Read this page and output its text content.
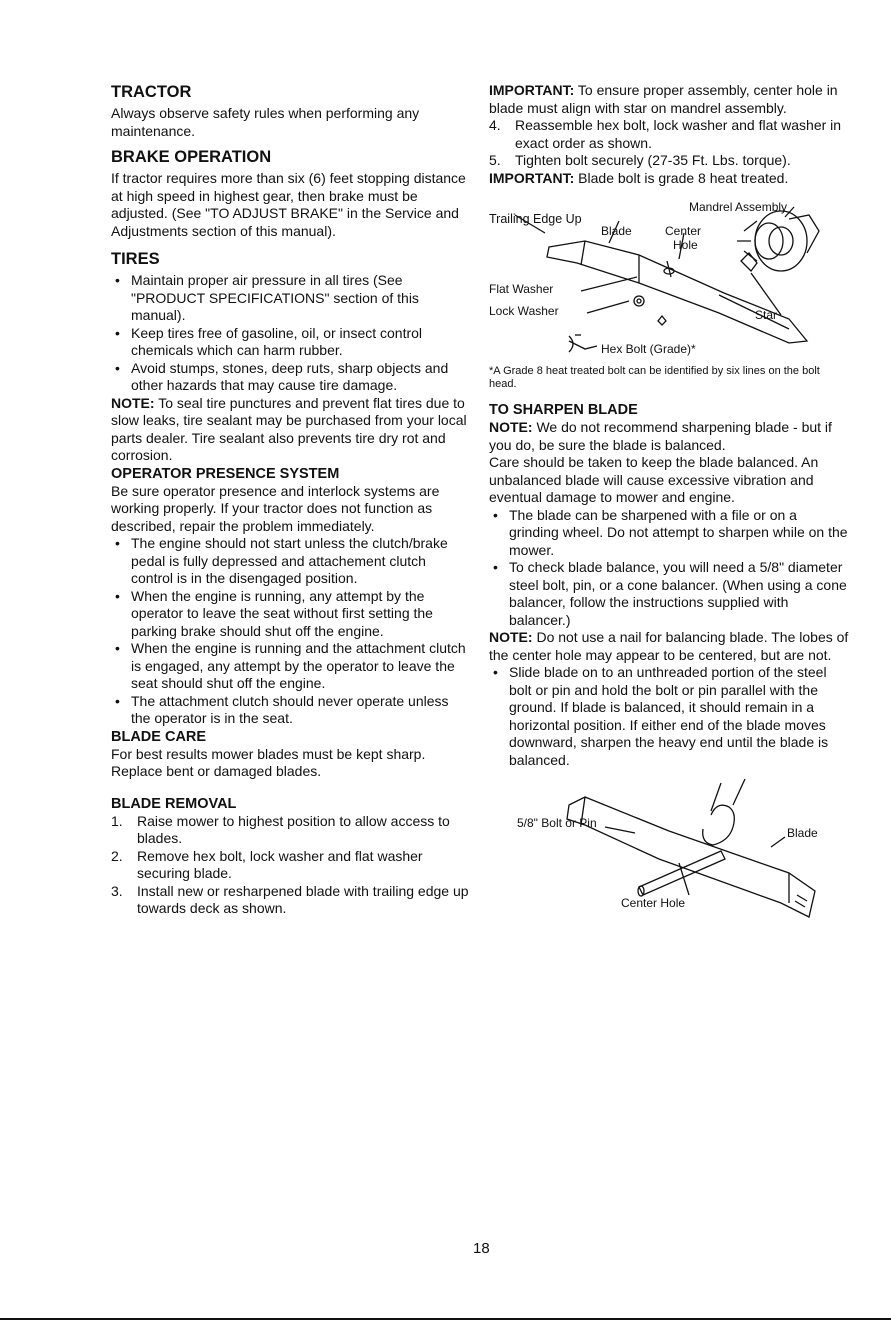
TRACTOR

Always observe safety rules when performing any maintenance.

BRAKE OPERATION

If tractor requires more than six (6) feet stopping distance at high speed in highest gear, then brake must be adjusted. (See "TO ADJUST BRAKE" in the Service and Adjustments section of this manual).

TIRES
• Maintain proper air pressure in all tires (See "PRODUCT SPECIFICATIONS" section of this manual).
• Keep tires free of gasoline, oil, or insect control chemicals which can harm rubber.
• Avoid stumps, stones, deep ruts, sharp objects and other hazards that may cause tire damage.

NOTE: To seal tire punctures and prevent flat tires due to slow leaks, tire sealant may be purchased from your local parts dealer. Tire sealant also prevents tire dry rot and corrosion.

OPERATOR PRESENCE SYSTEM

Be sure operator presence and interlock systems are working properly. If your tractor does not function as described, repair the problem immediately.

• The engine should not start unless the clutch/brake pedal is fully depressed and attachement clutch control is in the disengaged position.
• When the engine is running, any attempt by the operator to leave the seat without first setting the parking brake should shut off the engine.
• When the engine is running and the attachment clutch is engaged, any attempt by the operator to leave the seat should shut off the engine.
• The attachment clutch should never operate unless the operator is in the seat.
BLADE CARE

For best results mower blades must be kept sharp. Replace bent or damaged blades.

BLADE REMOVAL
1. Raise mower to highest position to allow access to blades.
2. Remove hex bolt, lock washer and flat washer securing blade.
3. Install new or resharpened blade with trailing edge up towards deck as shown.

IMPORTANT: To ensure proper assembly, center hole in blade must align with star on mandrel assembly.

4. Reassemble hex bolt, lock washer and flat washer in exact order as shown.
5. Tighten bolt securely (27-35 Ft. Lbs. torque).

IMPORTANT: Blade bolt is grade 8 heat treated.

Trailing Edge Up
Mandrel Assembly
Blade	Center
Hole
Flat Washer
Lock Washer	Star
Hex Bolt (Grade)*

*A Grade 8 heat treated bolt can be identified by six lines on the bolt head.

TO SHARPEN BLADE

NOTE: We do not recommend sharpening blade - but if you do, be sure the blade is balanced.

Care should be taken to keep the blade balanced. An unbalanced blade will cause excessive vibration and eventual damage to mower and engine.

• The blade can be sharpened with a file or on a grinding wheel. Do not attempt to sharpen while on the mower.
• To check blade balance, you will need a 5/8" diameter steel bolt, pin, or a cone balancer. (When using a cone balancer, follow the instructions supplied with balancer.)

NOTE: Do not use a nail for balancing blade. The lobes of the center hole may appear to be centered, but are not.

• Slide blade on to an unthreaded portion of the steel bolt or pin and hold the bolt or pin parallel with the ground. If blade is balanced, it should remain in a horizontal position. If either end of the blade moves downward, sharpen the heavy end until the blade is balanced.
5/8" Bolt or Pin
Blade
Center Hole
18
